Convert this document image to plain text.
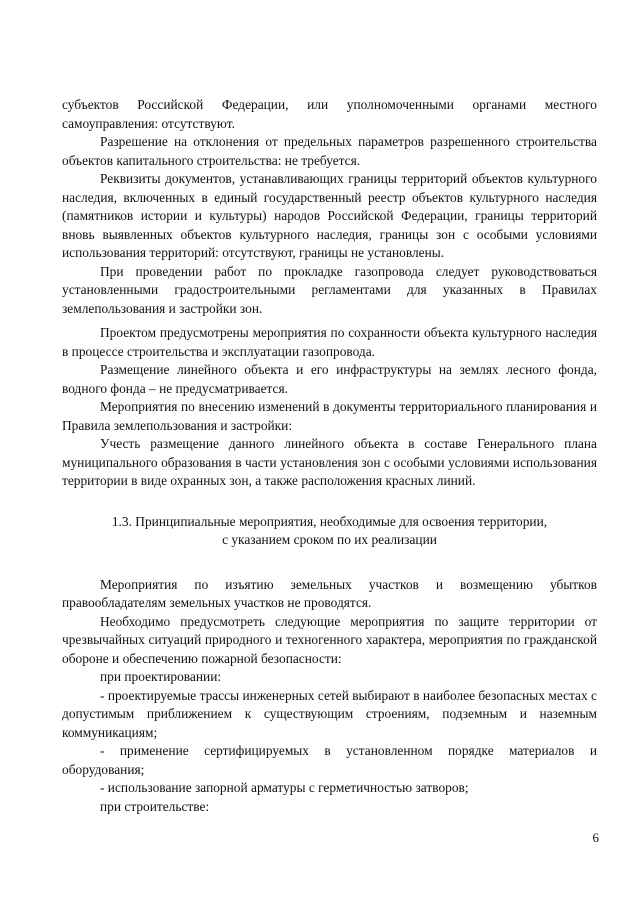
субъектов Российской Федерации, или уполномоченными органами местного самоуправления: отсутствуют.

Разрешение на отклонения от предельных параметров разрешенного строительства объектов капитального строительства: не требуется.

Реквизиты документов, устанавливающих границы территорий объектов культурного наследия, включенных в единый государственный реестр объектов культурного наследия (памятников истории и культуры) народов Российской Федерации, границы территорий вновь выявленных объектов культурного наследия, границы зон с особыми условиями использования территорий: отсутствуют, границы не установлены.

При проведении работ по прокладке газопровода следует руководствоваться установленными градостроительными регламентами для указанных в Правилах землепользования и застройки зон.

Проектом предусмотрены мероприятия по сохранности объекта культурного наследия в процессе строительства и эксплуатации газопровода.

Размещение линейного объекта и его инфраструктуры на землях лесного фонда, водного фонда – не предусматривается.

Мероприятия по внесению изменений в документы территориального планирования и Правила землепользования и застройки:

Учесть размещение данного линейного объекта в составе Генерального плана муниципального образования в части установления зон с особыми условиями использования территории в виде охранных зон, а также расположения красных линий.

1.3. Принципиальные мероприятия, необходимые для освоения территории,
с указанием сроком по их реализации

Мероприятия по изъятию земельных участков и возмещению убытков правообладателям земельных участков не проводятся.

Необходимо предусмотреть следующие мероприятия по защите территории от чрезвычайных ситуаций природного и техногенного характера, мероприятия по гражданской обороне и обеспечению пожарной безопасности:

при проектировании:

- проектируемые трассы инженерных сетей выбирают в наиболее безопасных местах с допустимым приближением к существующим строениям, подземным и наземным коммуникациям;

- применение сертифицируемых в установленном порядке материалов и оборудования;

- использование запорной арматуры с герметичностью затворов;

при строительстве:

6
